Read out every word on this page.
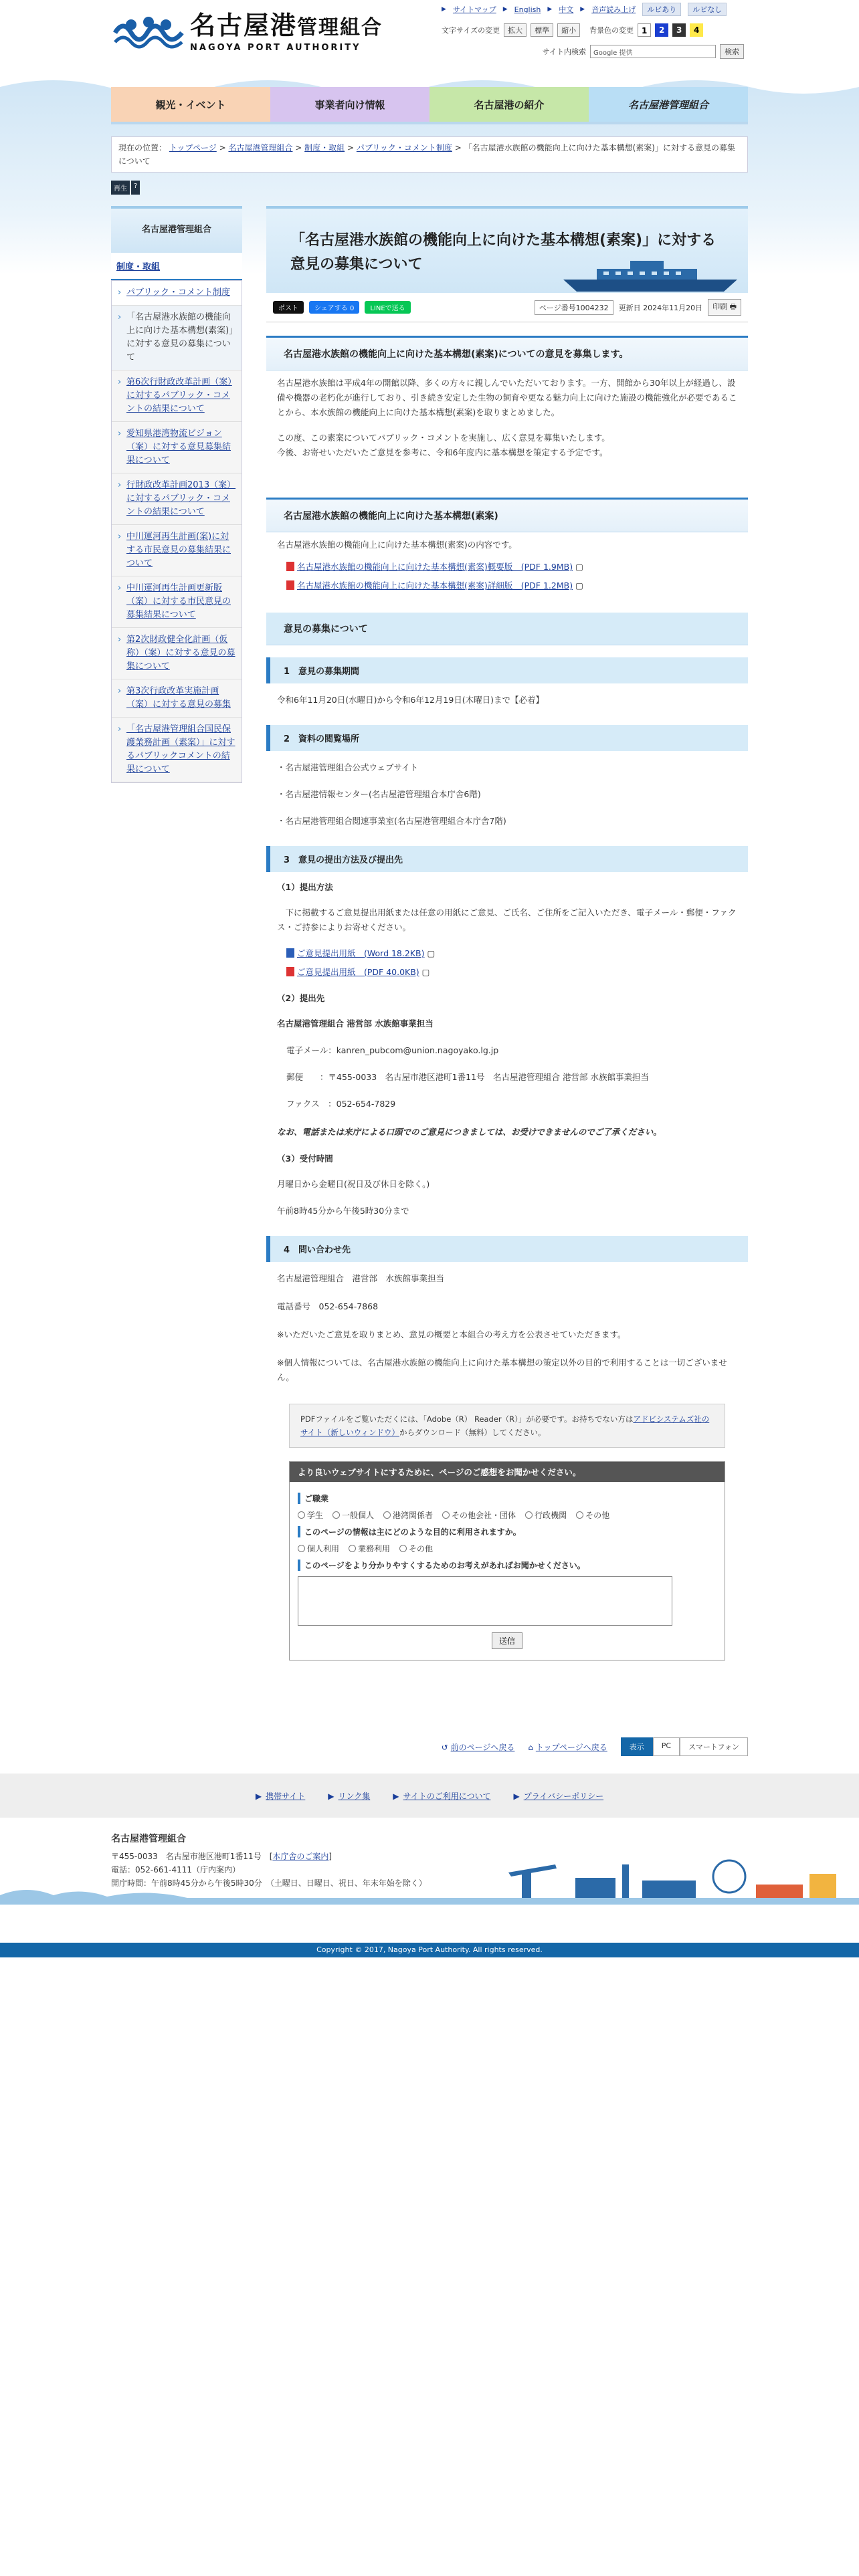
名古屋港管理組合
NAGOYA PORT AUTHORITY
▶ サイトマップ ▶ English ▶ 中文 ▶ 音声読み上げ	ルビあり	ルビなし
文字サイズの変更	拡大	標準	縮小	背景色の変更 1	2	3	4
サイト内検索	Google 提供	検索
観光・イベント	事業者向け情報	名古屋港の紹介	名古屋港管理組合
現在の位置： トップページ > 名古屋港管理組合 > 制度・取組 > パブリック・コメント制度 > 「名古屋港水族館の機能向上に向けた基本構想(素案)」に対する意見の募集について
再生	?
名古屋港管理組合
制度・取組
› パブリック・コメント制度
› 「名古屋港水族館の機能向上に向けた基本構想(素案)」に対する意見の募集について
› 第6次行財政改革計画（案）に対するパブリック・コメントの結果について
› 愛知県港湾物流ビジョン（案）に対する意見募集結果について
› 行財政改革計画2013（案）に対するパブリック・コメントの結果について
› 中川運河再生計画(案)に対する市民意見の募集結果について
› 中川運河再生計画更新版（案）に対する市民意見の募集結果について
› 第2次財政健全化計画（仮称）（案）に対する意見の募集について
› 第3次行政改革実施計画（案）に対する意見の募集
› 「名古屋港管理組合国民保護業務計画（素案）」に対するパブリックコメントの結果について
「名古屋港水族館の機能向上に向けた基本構想(素案)」に対する意見の募集について
ポスト	シェアする 0	LINEで送る	ページ番号1004232	更新日 2024年11月20日	印刷 🖶
名古屋港水族館の機能向上に向けた基本構想(素案)についての意見を募集します。

名古屋港水族館は平成4年の開館以降、多くの方々に親しんでいただいております。一方、開館から30年以上が経過し、設備や機器の老朽化が進行しており、引き続き安定した生物の飼育や更なる魅力向上に向けた施設の機能強化が必要であることから、本水族館の機能向上に向けた基本構想(素案)を取りまとめました。

この度、この素案についてパブリック・コメントを実施し、広く意見を募集いたします。

今後、お寄せいただいたご意見を参考に、令和6年度内に基本構想を策定する予定です。

名古屋港水族館の機能向上に向けた基本構想(素案)

名古屋港水族館の機能向上に向けた基本構想(素案)の内容です。

名古屋港水族館の機能向上に向けた基本構想(素案)概要版　(PDF 1.9MB) ▢
名古屋港水族館の機能向上に向けた基本構想(素案)詳細版　(PDF 1.2MB) ▢
意見の募集について
1　意見の募集期間

令和6年11月20日(水曜日)から令和6年12月19日(木曜日)まで【必着】

2　資料の閲覧場所

・名古屋港管理組合公式ウェブサイト

・名古屋港情報センター(名古屋港管理組合本庁舎6階)

・名古屋港管理組合閲速事業室(名古屋港管理組合本庁舎7階)

3　意見の提出方法及び提出先

（1）提出方法

下に掲載するご意見提出用紙または任意の用紙にご意見、ご氏名、ご住所をご記入いただき、電子メール・郵便・ファクス・ご持参によりお寄せください。

ご意見提出用紙　(Word 18.2KB) ▢
ご意見提出用紙　(PDF 40.0KB) ▢

（2）提出先

名古屋港管理組合 港営部 水族館事業担当

電子メール：kanren_pubcom@union.nagoyako.lg.jp

郵便　　：〒455-0033　名古屋市港区港町1番11号　名古屋港管理組合 港営部 水族館事業担当

ファクス　：052-654-7829

なお、電話または来庁による口頭でのご意見につきましては、お受けできませんのでご了承ください。

（3）受付時間

月曜日から金曜日(祝日及び休日を除く。)

午前8時45分から午後5時30分まで

4　問い合わせ先

名古屋港管理組合　港営部　水族館事業担当

電話番号　052-654-7868

※いただいたご意見を取りまとめ、意見の概要と本組合の考え方を公表させていただきます。

※個人情報については、名古屋港水族館の機能向上に向けた基本構想の策定以外の目的で利用することは一切ございません。

PDFファイルをご覧いただくには、「Adobe（R） Reader（R）」が必要です。お持ちでない方はアドビシステムズ社のサイト（新しいウィンドウ）からダウンロード（無料）してください。
より良いウェブサイトにするために、ページのご感想をお聞かせください。
ご職業
学生	一般個人	港湾関係者	その他会社・団体	行政機関	その他
このページの情報は主にどのような目的に利用されますか。
個人利用	業務利用	その他
このページをより分かりやすくするためのお考えがあればお聞かせください。
送信
↺ 前のページへ戻る ⌂ トップページへ戻る	表示	PC	スマートフォン
▶ 携帯サイト	▶ リンク集	▶ サイトのご利用について	▶ プライバシーポリシー
名古屋港管理組合
〒455-0033　名古屋市港区港町1番11号　[本庁舎のご案内]
電話：052-661-4111（庁内案内）
開庁時間：午前8時45分から午後5時30分　（土曜日、日曜日、祝日、年末年始を除く）
Copyright © 2017, Nagoya Port Authority. All rights reserved.
